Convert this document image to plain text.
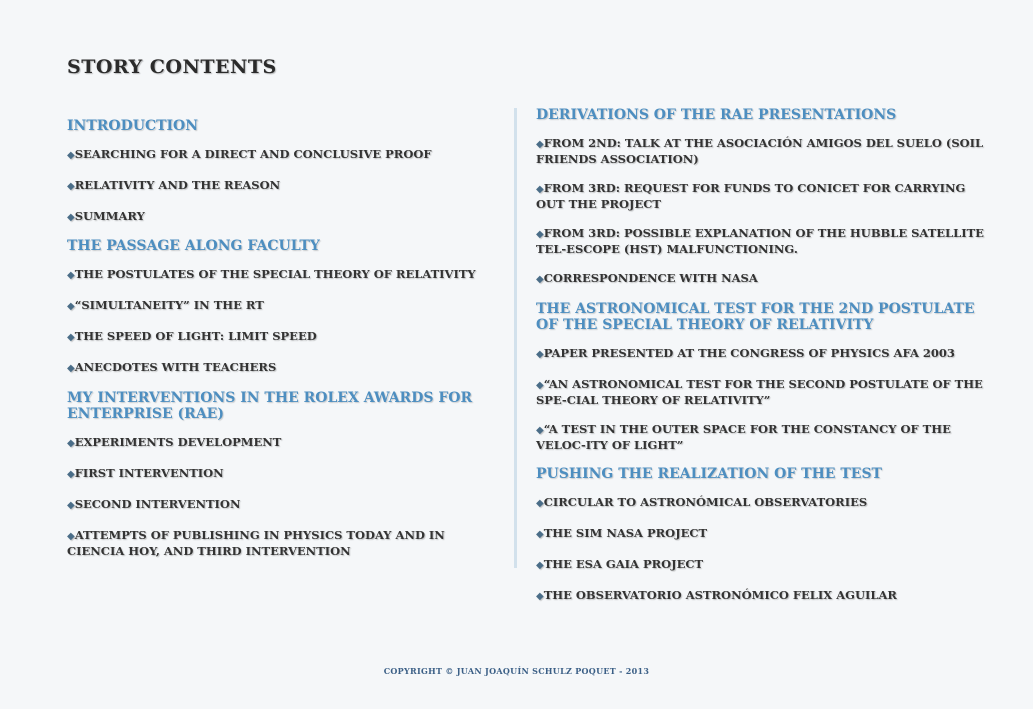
STORY CONTENTS
INTRODUCTION
◆SEARCHING FOR A DIRECT AND CONCLUSIVE PROOF
◆RELATIVITY AND THE REASON
◆SUMMARY
THE PASSAGE ALONG FACULTY
◆THE POSTULATES OF THE SPECIAL THEORY OF RELATIVITY
◆“SIMULTANEITY” IN THE RT
◆THE SPEED OF LIGHT: LIMIT SPEED
◆ANECDOTES WITH TEACHERS
MY INTERVENTIONS IN THE ROLEX AWARDS FOR ENTERPRISE (RAE)
◆EXPERIMENTS DEVELOPMENT
◆FIRST INTERVENTION
◆SECOND INTERVENTION
◆ATTEMPTS OF PUBLISHING IN PHYSICS TODAY AND IN CIENCIA HOY, AND THIRD INTERVENTION
DERIVATIONS OF THE RAE PRESENTATIONS
◆FROM 2ND: TALK AT THE ASOCIACIÓN AMIGOS DEL SUELO (SOIL FRIENDS ASSOCIATION)
◆FROM 3RD: REQUEST FOR FUNDS TO CONICET FOR CARRYING OUT THE PROJECT
◆FROM 3RD: POSSIBLE EXPLANATION OF THE HUBBLE SATELLITE TEL-ESCOPE (HST) MALFUNCTIONING.
◆CORRESPONDENCE WITH NASA
THE ASTRONOMICAL TEST FOR THE 2ND POSTULATE OF THE SPECIAL THEORY OF RELATIVITY
◆PAPER PRESENTED AT THE CONGRESS OF PHYSICS AFA 2003
◆“AN ASTRONOMICAL TEST FOR THE SECOND POSTULATE OF THE SPE-CIAL THEORY OF RELATIVITY”
◆“A TEST IN THE OUTER SPACE FOR THE CONSTANCY OF THE VELOC-ITY OF LIGHT”
PUSHING THE REALIZATION OF THE TEST
◆CIRCULAR TO ASTRONÓMICAL OBSERVATORIES
◆THE SIM NASA PROJECT
◆THE ESA GAIA PROJECT
◆THE OBSERVATORIO ASTRONÓMICO FELIX AGUILAR
COPYRIGHT © JUAN JOAQUÍN SCHULZ POQUET - 2013
